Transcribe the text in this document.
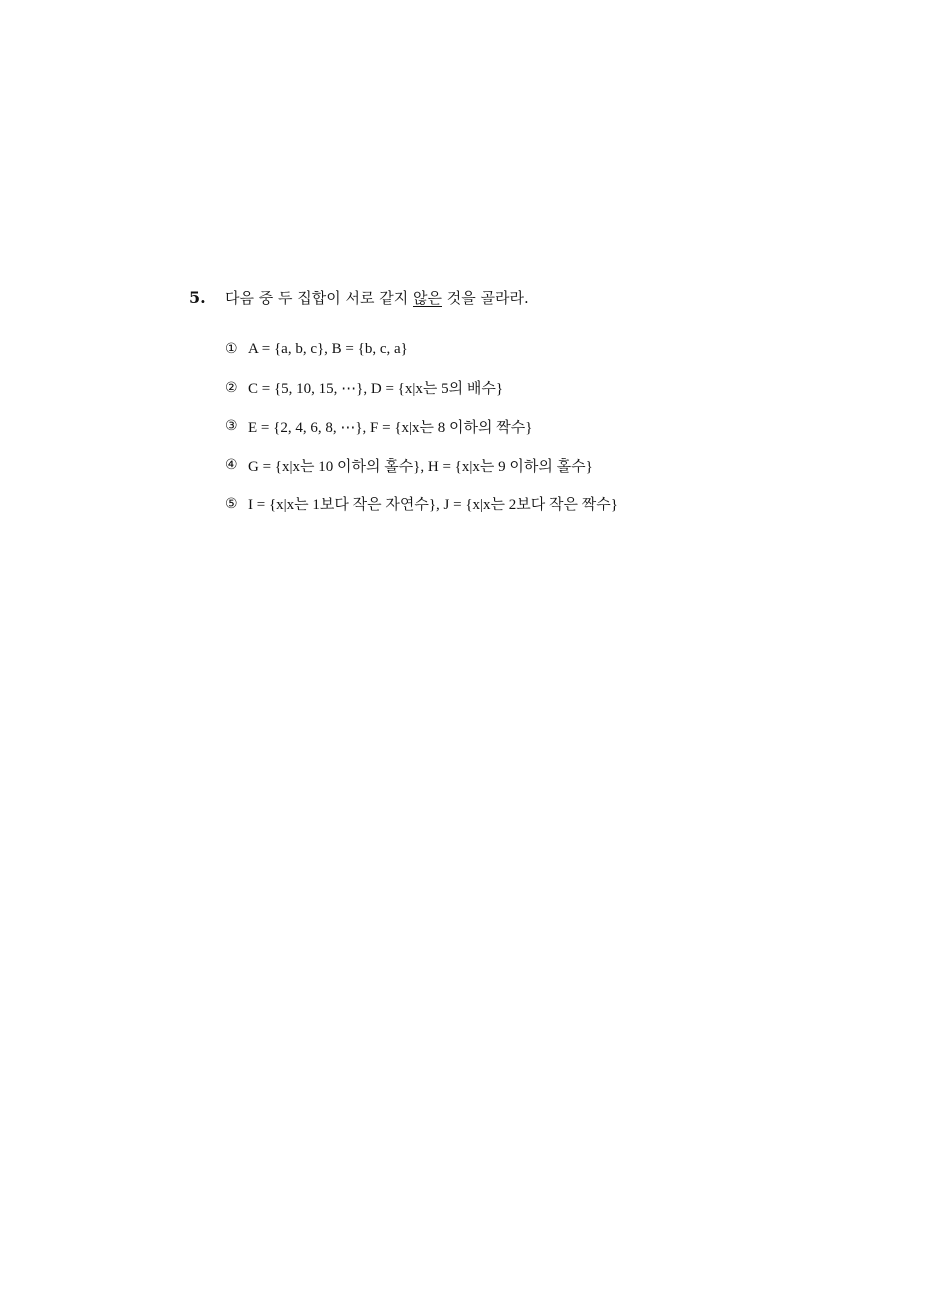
5.	다음 중 두 집합이 서로 같지 않은 것을 골라라.
① A = {a, b, c}, B = {b, c, a}
② C = {5, 10, 15, ⋯}, D = {x|x는 5의 배수}
③ E = {2, 4, 6, 8, ⋯}, F = {x|x는 8 이하의 짝수}
④ G = {x|x는 10 이하의 홀수}, H = {x|x는 9 이하의 홀수}
⑤ I = {x|x는 1보다 작은 자연수}, J = {x|x는 2보다 작은 짝수}
